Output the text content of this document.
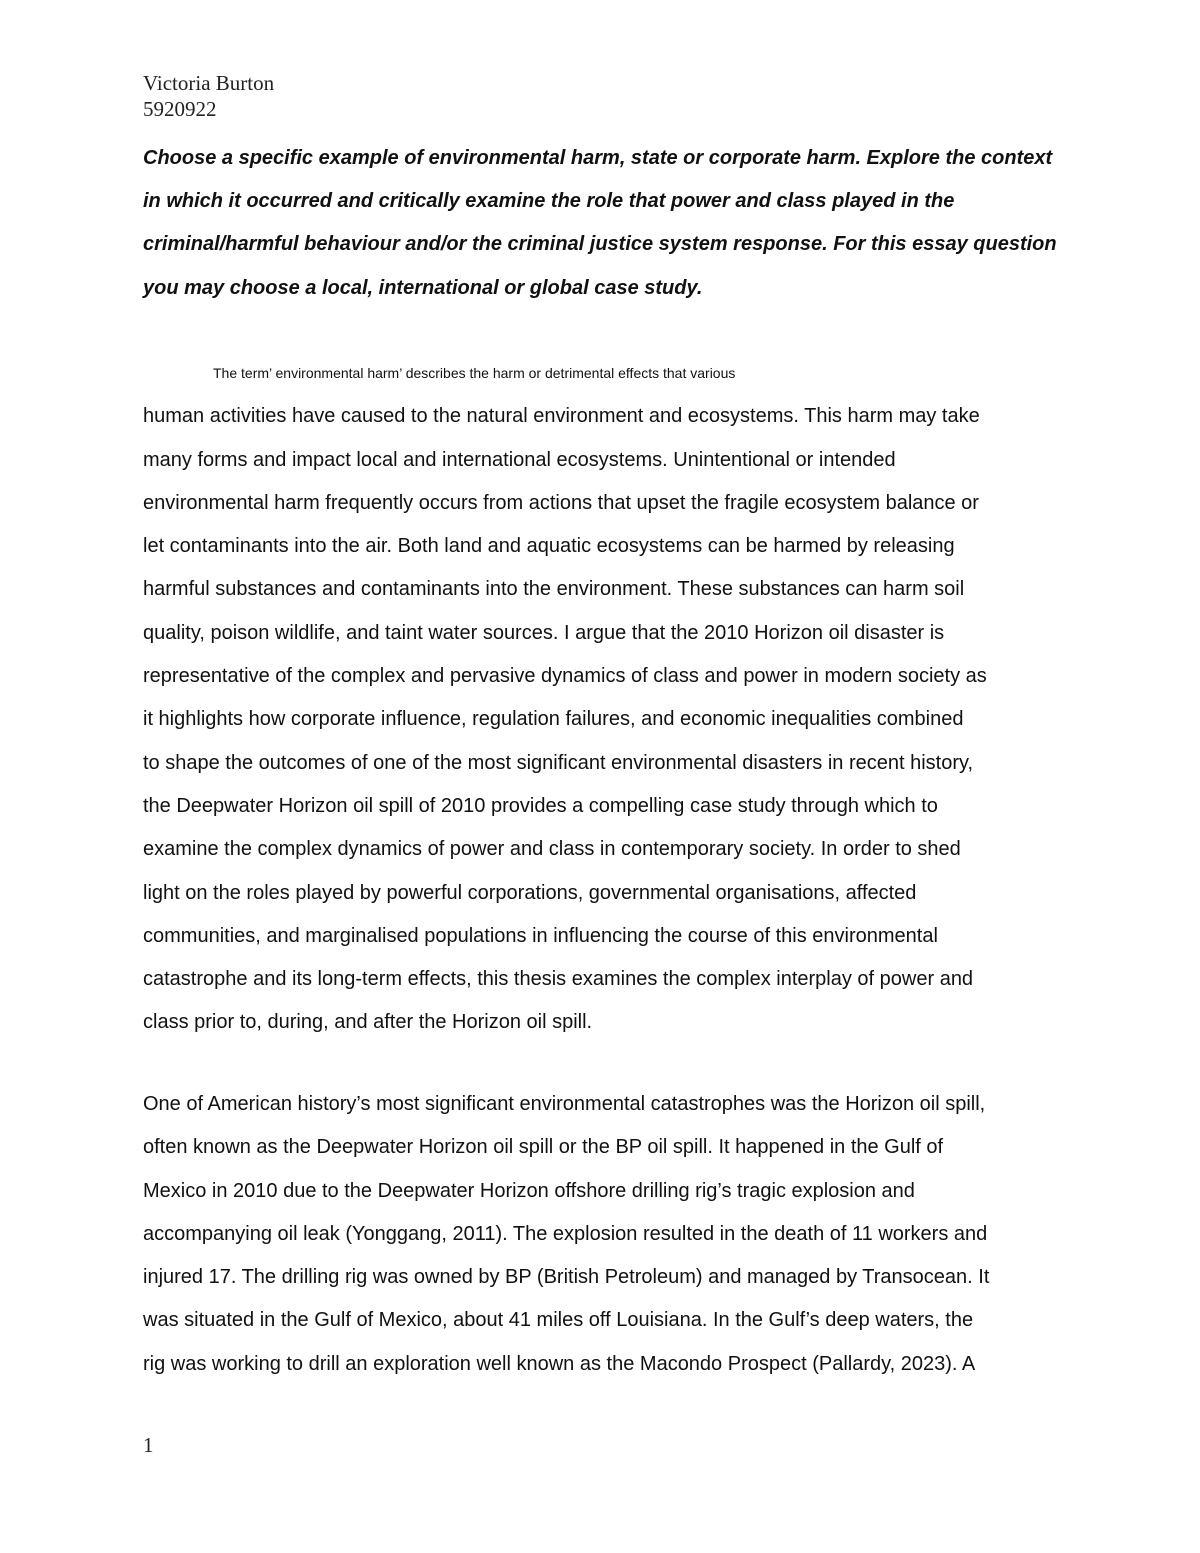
Victoria Burton
5920922

Choose a specific example of environmental harm, state or corporate harm. Explore the context in which it occurred and critically examine the role that power and class played in the criminal/harmful behaviour and/or the criminal justice system response. For this essay question you may choose a local, international or global case study.

The term’ environmental harm’ describes the harm or detrimental effects that various
human activities have caused to the natural environment and ecosystems. This harm may take
many forms and impact local and international ecosystems. Unintentional or intended
environmental harm frequently occurs from actions that upset the fragile ecosystem balance or
let contaminants into the air. Both land and aquatic ecosystems can be harmed by releasing
harmful substances and contaminants into the environment. These substances can harm soil
quality, poison wildlife, and taint water sources. I argue that the 2010 Horizon oil disaster is
representative of the complex and pervasive dynamics of class and power in modern society as
it highlights how corporate influence, regulation failures, and economic inequalities combined
to shape the outcomes of one of the most significant environmental disasters in recent history,
the Deepwater Horizon oil spill of 2010 provides a compelling case study through which to
examine the complex dynamics of power and class in contemporary society. In order to shed
light on the roles played by powerful corporations, governmental organisations, affected
communities, and marginalised populations in influencing the course of this environmental
catastrophe and its long-term effects, this thesis examines the complex interplay of power and
class prior to, during, and after the Horizon oil spill.
One of American history’s most significant environmental catastrophes was the Horizon oil spill,
often known as the Deepwater Horizon oil spill or the BP oil spill. It happened in the Gulf of
Mexico in 2010 due to the Deepwater Horizon offshore drilling rig’s tragic explosion and
accompanying oil leak (Yonggang, 2011). The explosion resulted in the death of 11 workers and
injured 17. The drilling rig was owned by BP (British Petroleum) and managed by Transocean. It
was situated in the Gulf of Mexico, about 41 miles off Louisiana. In the Gulf’s deep waters, the
rig was working to drill an exploration well known as the Macondo Prospect (Pallardy, 2023). A
1
